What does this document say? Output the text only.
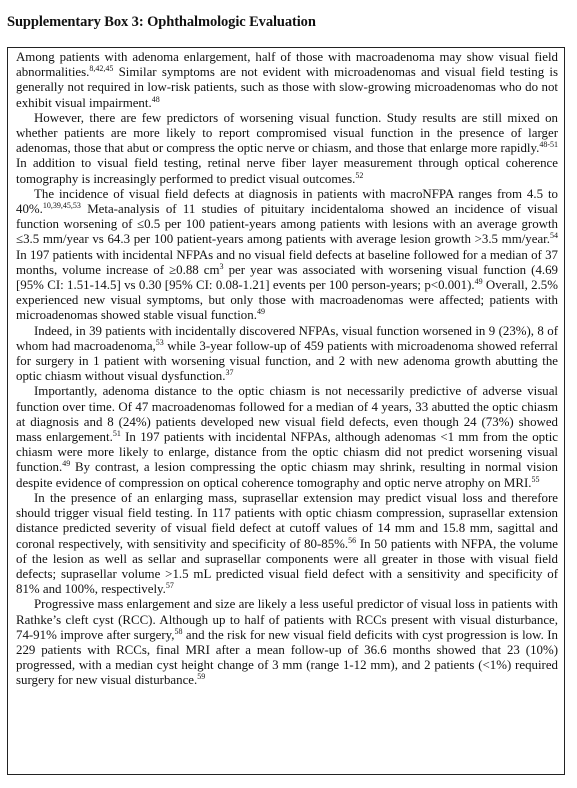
Supplementary Box 3: Ophthalmologic Evaluation

Among patients with adenoma enlargement, half of those with macroadenoma may show visual field abnormalities.$^{8,42,45}$ Similar symptoms are not evident with microadenomas and visual field testing is generally not required in low-risk patients, such as those with slow-growing microadenomas who do not exhibit visual impairment.$^{48}$

However, there are few predictors of worsening visual function. Study results are still mixed on whether patients are more likely to report compromised visual function in the presence of larger adenomas, those that abut or compress the optic nerve or chiasm, and those that enlarge more rapidly.$^{48-51}$ In addition to visual field testing, retinal nerve fiber layer measurement through optical coherence tomography is increasingly performed to predict visual outcomes.$^{52}$

The incidence of visual field defects at diagnosis in patients with macroNFPA ranges from 4.5 to 40%.$^{10,39,45,53}$ Meta-analysis of 11 studies of pituitary incidentaloma showed an incidence of visual function worsening of ≤0.5 per 100 patient-years among patients with lesions with an average growth ≤3.5 mm/year vs 64.3 per 100 patient-years among patients with average lesion growth >3.5 mm/year.$^{54}$ In 197 patients with incidental NFPAs and no visual field defects at baseline followed for a median of 37 months, volume increase of ≥0.88 $cm^3$ per year was associated with worsening visual function (4.69 [95% CI: 1.51-14.5] vs 0.30 [95% CI: 0.08-1.21] events per 100 person-years; p<0.001).$^{49}$ Overall, 2.5% experienced new visual symptoms, but only those with macroadenomas were affected; patients with microadenomas showed stable visual function.$^{49}$

Indeed, in 39 patients with incidentally discovered NFPAs, visual function worsened in 9 (23%), 8 of whom had macroadenoma,$^{53}$ while 3-year follow-up of 459 patients with microadenoma showed referral for surgery in 1 patient with worsening visual function, and 2 with new adenoma growth abutting the optic chiasm without visual dysfunction.$^{37}$

Importantly, adenoma distance to the optic chiasm is not necessarily predictive of adverse visual function over time. Of 47 macroadenomas followed for a median of 4 years, 33 abutted the optic chiasm at diagnosis and 8 (24%) patients developed new visual field defects, even though 24 (73%) showed mass enlargement.$^{51}$ In 197 patients with incidental NFPAs, although adenomas <1 mm from the optic chiasm were more likely to enlarge, distance from the optic chiasm did not predict worsening visual function.$^{49}$ By contrast, a lesion compressing the optic chiasm may shrink, resulting in normal vision despite evidence of compression on optical coherence tomography and optic nerve atrophy on MRI.$^{55}$

In the presence of an enlarging mass, suprasellar extension may predict visual loss and therefore should trigger visual field testing. In 117 patients with optic chiasm compression, suprasellar extension distance predicted severity of visual field defect at cutoff values of 14 mm and 15.8 mm, sagittal and coronal respectively, with sensitivity and specificity of 80-85%.$^{56}$ In 50 patients with NFPA, the volume of the lesion as well as sellar and suprasellar components were all greater in those with visual field defects; suprasellar volume >1.5 mL predicted visual field defect with a sensitivity and specificity of 81% and 100%, respectively.$^{57}$

Progressive mass enlargement and size are likely a less useful predictor of visual loss in patients with Rathke’s cleft cyst (RCC). Although up to half of patients with RCCs present with visual disturbance, 74-91% improve after surgery,$^{58}$ and the risk for new visual field deficits with cyst progression is low. In 229 patients with RCCs, final MRI after a mean follow-up of 36.6 months showed that 23 (10%) progressed, with a median cyst height change of 3 mm (range 1-12 mm), and 2 patients (<1%) required surgery for new visual disturbance.$^{59}$
